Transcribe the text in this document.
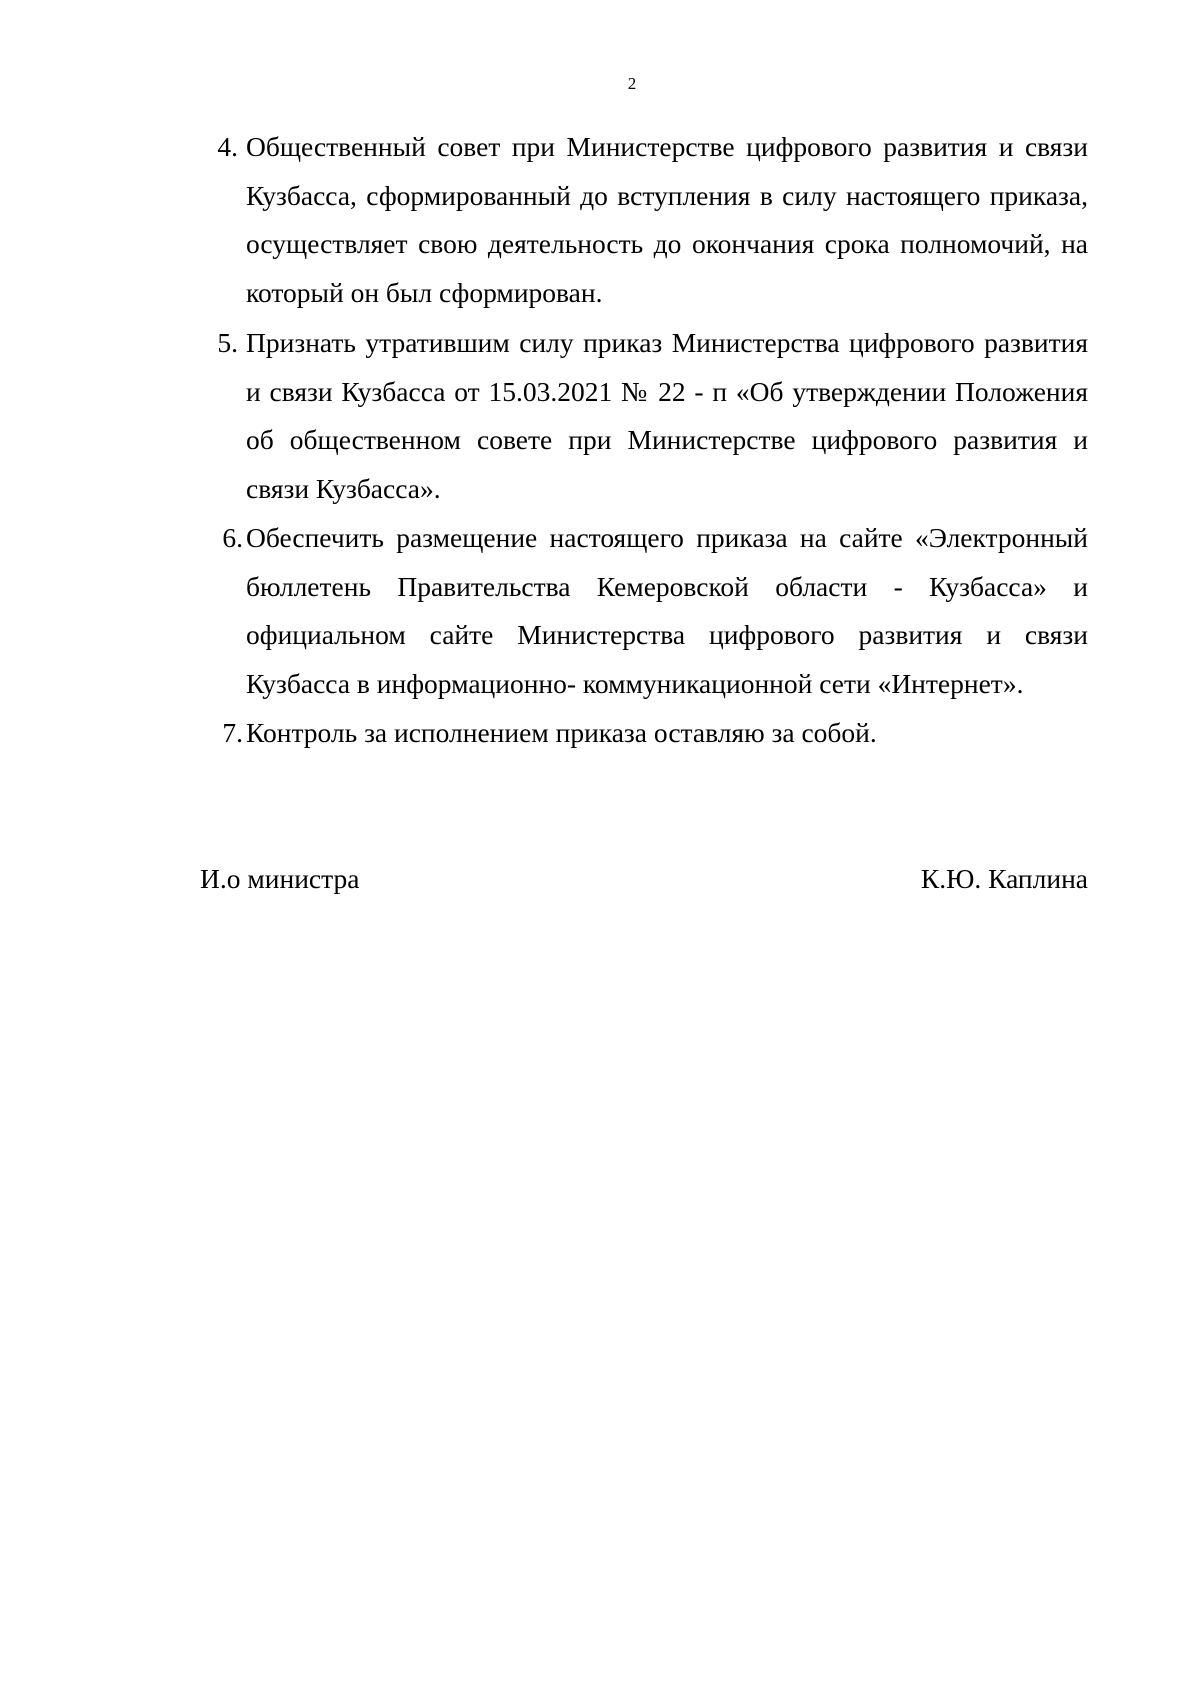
2
4. Общественный совет при Министерстве цифрового развития и связи Кузбасса, сформированный до вступления в силу настоящего приказа, осуществляет свою деятельность до окончания срока полномочий, на который он был сформирован.

5. Признать утратившим силу приказ Министерства цифрового развития и связи Кузбасса от 15.03.2021 № 22 - п «Об утверждении Положения об общественном совете при Министерстве цифрового развития и связи Кузбасса».

6. Обеспечить размещение настоящего приказа на сайте «Электронный бюллетень Правительства Кемеровской области - Кузбасса» и официальном сайте Министерства цифрового развития и связи Кузбасса в информационно- коммуникационной сети «Интернет».

7. Контроль за исполнением приказа оставляю за собой.

И.о министра	К.Ю. Каплина
